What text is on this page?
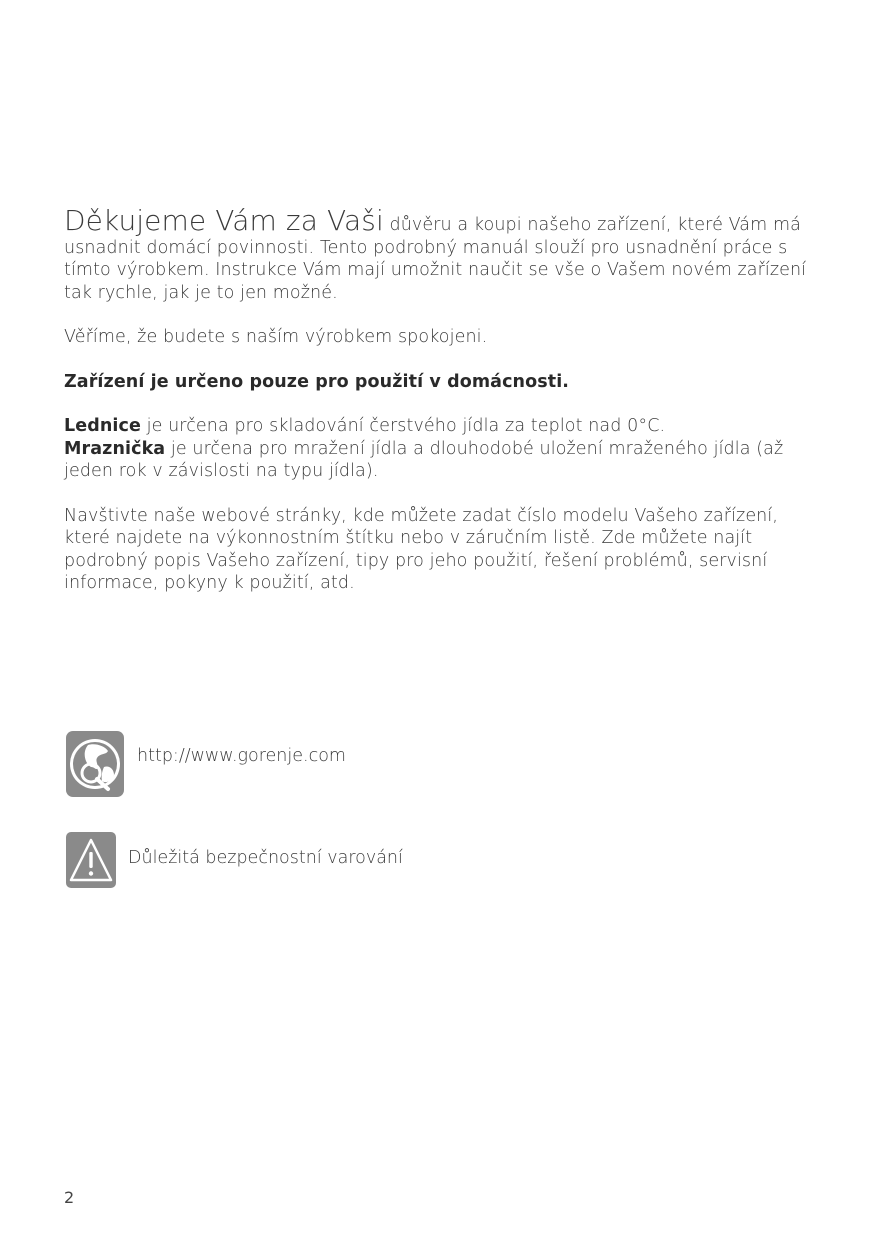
Děkujeme Vám za Vaši důvěru a koupi našeho zařízení, které Vám má usnadnit domácí povinnosti. Tento podrobný manuál slouží pro usnadnění práce s tímto výrobkem. Instrukce Vám mají umožnit naučit se vše o Vašem novém zařízení tak rychle, jak je to jen možné.

Věříme, že budete s naším výrobkem spokojeni.

Zařízení je určeno pouze pro použití v domácnosti.

Lednice je určena pro skladování čerstvého jídla za teplot nad 0°C.
Mraznička je určena pro mražení jídla a dlouhodobé uložení mraženého jídla (až jeden rok v závislosti na typu jídla).

Navštivte naše webové stránky, kde můžete zadat číslo modelu Vašeho zařízení, které najdete na výkonnostním štítku nebo v záručním listě. Zde můžete najít podrobný popis Vašeho zařízení, tipy pro jeho použití, řešení problémů, servisní informace, pokyny k použití, atd.

http://www.gorenje.com
Důležitá bezpečnostní varování
2
